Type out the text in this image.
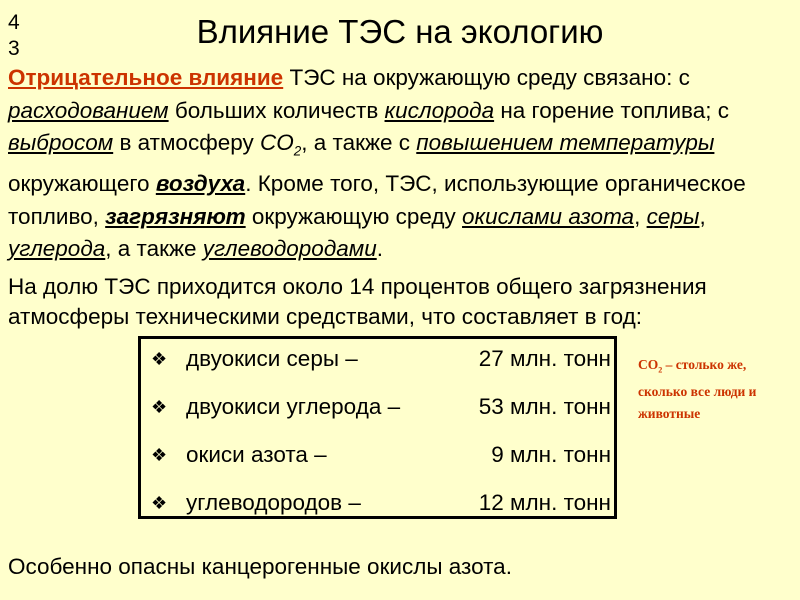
4
3	Влияние ТЭС на экологию
Отрицательное влияние ТЭС на окружающую среду связано: с расходованием больших количеств кислорода на горение топлива; с выбросом в атмосферу $CO_2$, а также с повышением температуры окружающего воздуха. Кроме того, ТЭС, использующие органическое топливо, загрязняют окружающую среду окислами азота, серы, углерода, а также углеводородами.
На долю ТЭС приходится около 14 процентов общего загрязнения атмосферы техническими средствами, что составляет в год:
❖ двуокиси серы –	27 млн. тонн
❖ двуокиси углерода –	53 млн. тонн
❖ окиси азота –	9 млн. тонн
❖ углеводородов –	12 млн. тонн
$CO_2$ – столько же, сколько все люди и животные
Особенно опасны канцерогенные окислы азота.
